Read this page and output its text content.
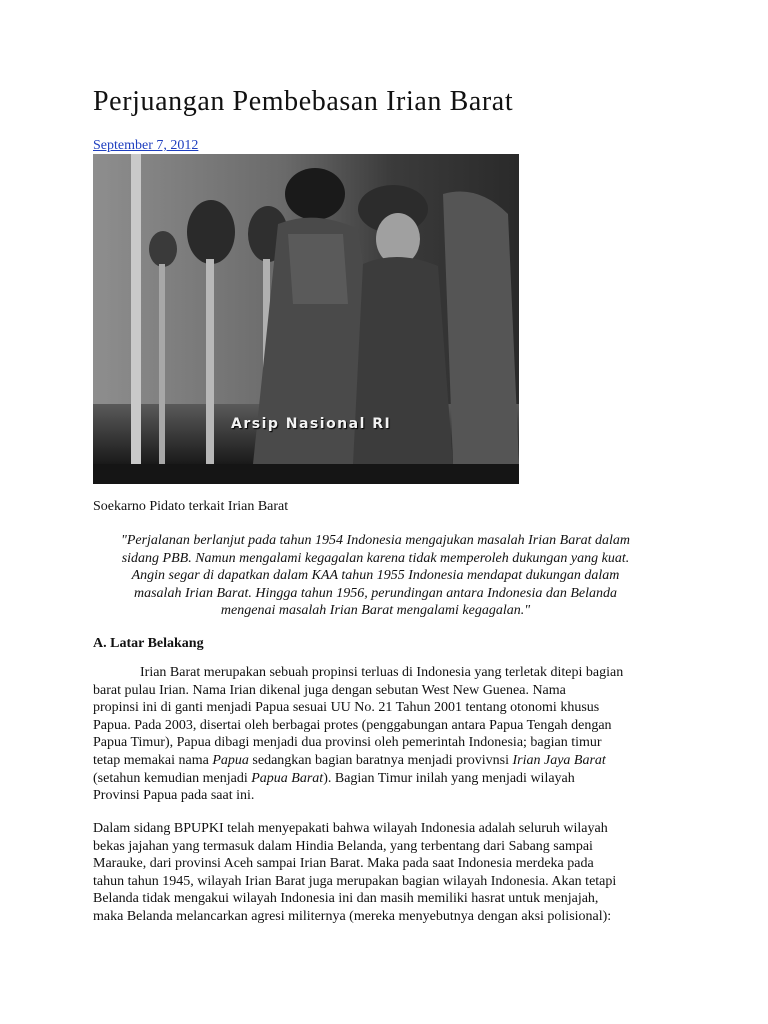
Perjuangan Pembebasan Irian Barat
September 7, 2012
Arsip Nasional RI
Soekarno Pidato terkait Irian Barat
"Perjalanan berlanjut pada tahun 1954 Indonesia mengajukan masalah Irian Barat dalam
sidang PBB. Namun mengalami kegagalan karena tidak memperoleh dukungan yang kuat.
Angin segar di dapatkan dalam KAA tahun 1955 Indonesia mendapat dukungan dalam
masalah Irian Barat. Hingga tahun 1956, perundingan antara Indonesia dan Belanda
mengenai masalah Irian Barat mengalami kegagalan."
A. Latar Belakang
Irian Barat merupakan sebuah propinsi terluas di Indonesia yang terletak ditepi bagian
barat pulau Irian. Nama Irian dikenal juga dengan sebutan West New Guenea. Nama
propinsi ini di ganti menjadi Papua sesuai UU No. 21 Tahun 2001 tentang otonomi khusus
Papua. Pada 2003, disertai oleh berbagai protes (penggabungan antara Papua Tengah dengan
Papua Timur), Papua dibagi menjadi dua provinsi oleh pemerintah Indonesia; bagian timur
tetap memakai nama Papua sedangkan bagian baratnya menjadi provivnsi Irian Jaya Barat
(setahun kemudian menjadi Papua Barat). Bagian Timur inilah yang menjadi wilayah
Provinsi Papua pada saat ini.
Dalam sidang BPUPKI telah menyepakati bahwa wilayah Indonesia adalah seluruh wilayah
bekas jajahan yang termasuk dalam Hindia Belanda, yang terbentang dari Sabang sampai
Marauke, dari provinsi Aceh sampai Irian Barat. Maka pada saat Indonesia merdeka pada
tahun tahun 1945, wilayah Irian Barat juga merupakan bagian wilayah Indonesia. Akan tetapi
Belanda tidak mengakui wilayah Indonesia ini dan masih memiliki hasrat untuk menjajah,
maka Belanda melancarkan agresi militernya (mereka menyebutnya dengan aksi polisional):
